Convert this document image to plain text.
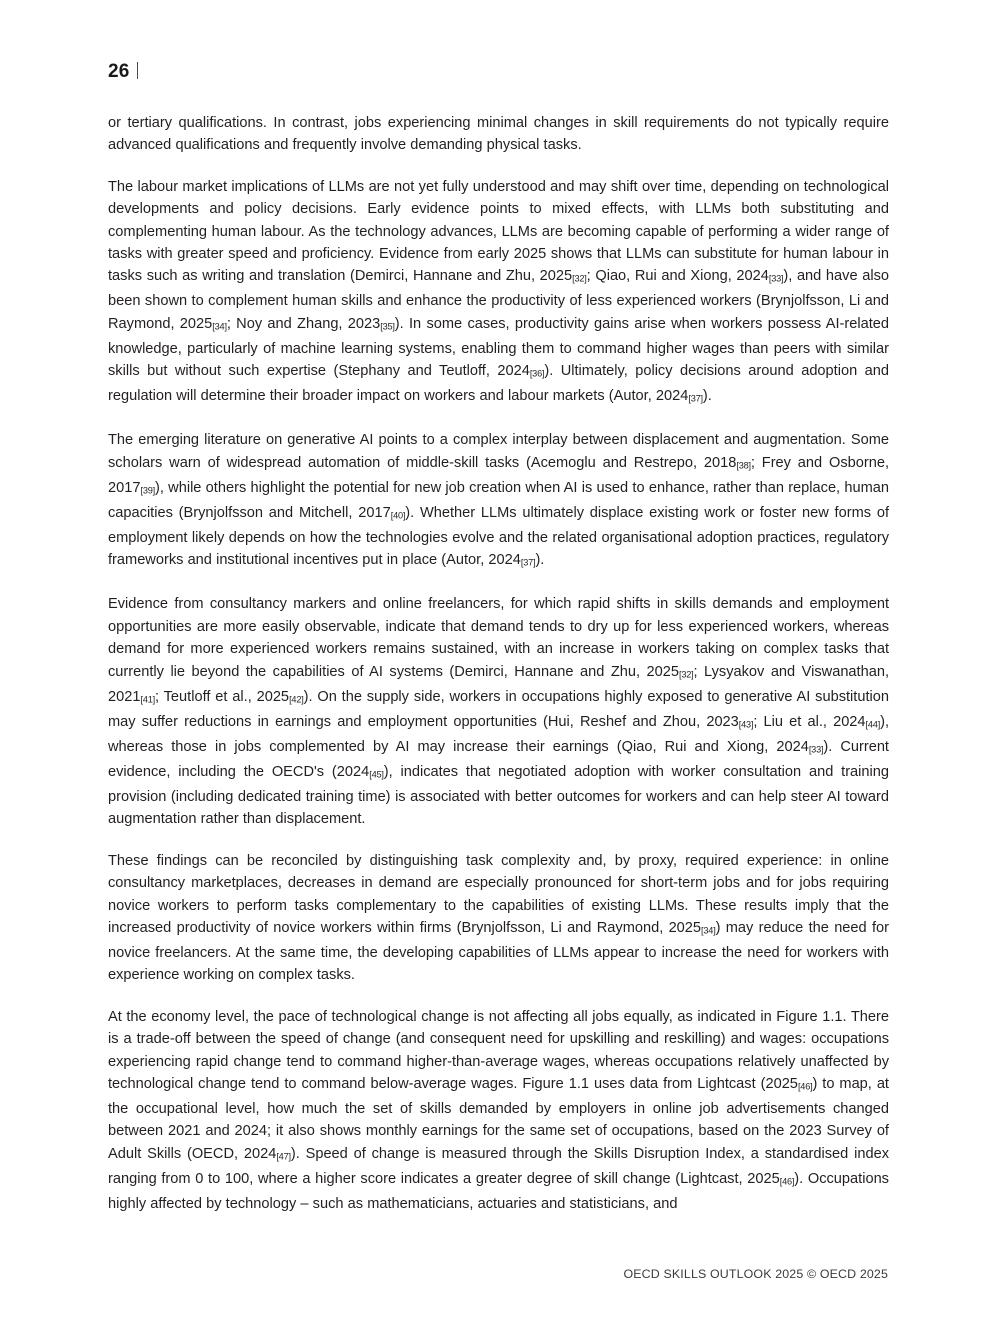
26

or tertiary qualifications. In contrast, jobs experiencing minimal changes in skill requirements do not typically require advanced qualifications and frequently involve demanding physical tasks.

The labour market implications of LLMs are not yet fully understood and may shift over time, depending on technological developments and policy decisions. Early evidence points to mixed effects, with LLMs both substituting and complementing human labour. As the technology advances, LLMs are becoming capable of performing a wider range of tasks with greater speed and proficiency. Evidence from early 2025 shows that LLMs can substitute for human labour in tasks such as writing and translation (Demirci, Hannane and Zhu, 2025[32]; Qiao, Rui and Xiong, 2024[33]), and have also been shown to complement human skills and enhance the productivity of less experienced workers (Brynjolfsson, Li and Raymond, 2025[34]; Noy and Zhang, 2023[35]). In some cases, productivity gains arise when workers possess AI-related knowledge, particularly of machine learning systems, enabling them to command higher wages than peers with similar skills but without such expertise (Stephany and Teutloff, 2024[36]). Ultimately, policy decisions around adoption and regulation will determine their broader impact on workers and labour markets (Autor, 2024[37]).

The emerging literature on generative AI points to a complex interplay between displacement and augmentation. Some scholars warn of widespread automation of middle-skill tasks (Acemoglu and Restrepo, 2018[38]; Frey and Osborne, 2017[39]), while others highlight the potential for new job creation when AI is used to enhance, rather than replace, human capacities (Brynjolfsson and Mitchell, 2017[40]). Whether LLMs ultimately displace existing work or foster new forms of employment likely depends on how the technologies evolve and the related organisational adoption practices, regulatory frameworks and institutional incentives put in place (Autor, 2024[37]).

Evidence from consultancy markers and online freelancers, for which rapid shifts in skills demands and employment opportunities are more easily observable, indicate that demand tends to dry up for less experienced workers, whereas demand for more experienced workers remains sustained, with an increase in workers taking on complex tasks that currently lie beyond the capabilities of AI systems (Demirci, Hannane and Zhu, 2025[32]; Lysyakov and Viswanathan, 2021[41]; Teutloff et al., 2025[42]). On the supply side, workers in occupations highly exposed to generative AI substitution may suffer reductions in earnings and employment opportunities (Hui, Reshef and Zhou, 2023[43]; Liu et al., 2024[44]), whereas those in jobs complemented by AI may increase their earnings (Qiao, Rui and Xiong, 2024[33]). Current evidence, including the OECD's (2024[45]), indicates that negotiated adoption with worker consultation and training provision (including dedicated training time) is associated with better outcomes for workers and can help steer AI toward augmentation rather than displacement.

These findings can be reconciled by distinguishing task complexity and, by proxy, required experience: in online consultancy marketplaces, decreases in demand are especially pronounced for short-term jobs and for jobs requiring novice workers to perform tasks complementary to the capabilities of existing LLMs. These results imply that the increased productivity of novice workers within firms (Brynjolfsson, Li and Raymond, 2025[34]) may reduce the need for novice freelancers. At the same time, the developing capabilities of LLMs appear to increase the need for workers with experience working on complex tasks.

At the economy level, the pace of technological change is not affecting all jobs equally, as indicated in Figure 1.1. There is a trade-off between the speed of change (and consequent need for upskilling and reskilling) and wages: occupations experiencing rapid change tend to command higher-than-average wages, whereas occupations relatively unaffected by technological change tend to command below-average wages. Figure 1.1 uses data from Lightcast (2025[46]) to map, at the occupational level, how much the set of skills demanded by employers in online job advertisements changed between 2021 and 2024; it also shows monthly earnings for the same set of occupations, based on the 2023 Survey of Adult Skills (OECD, 2024[47]). Speed of change is measured through the Skills Disruption Index, a standardised index ranging from 0 to 100, where a higher score indicates a greater degree of skill change (Lightcast, 2025[46]). Occupations highly affected by technology – such as mathematicians, actuaries and statisticians, and

OECD SKILLS OUTLOOK 2025 © OECD 2025
